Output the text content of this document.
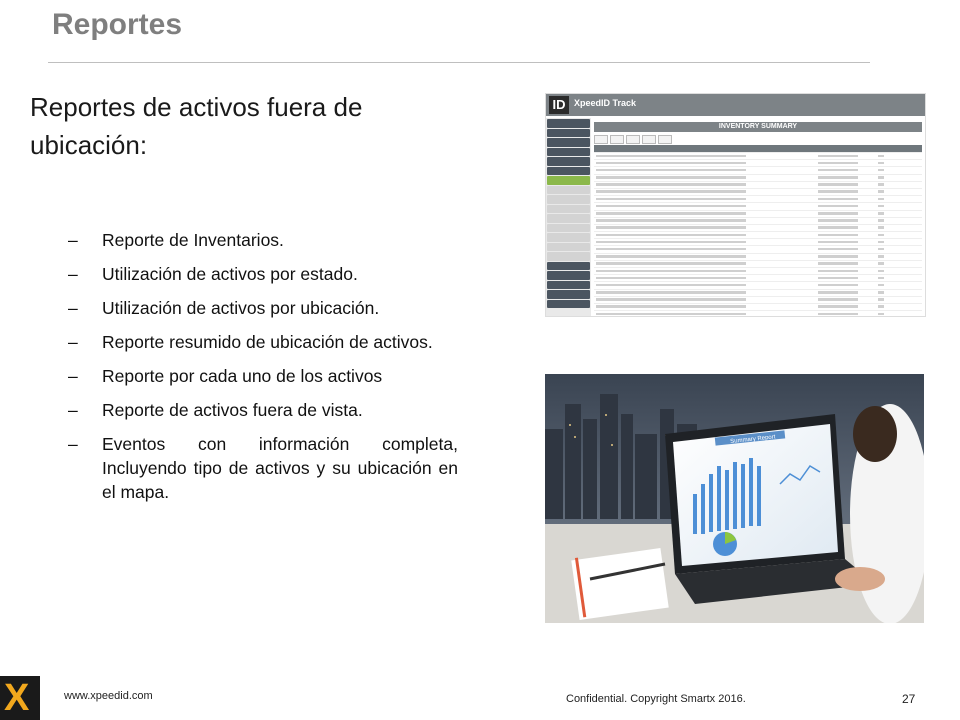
Reportes
Reportes de activos fuera de ubicación:
– Reporte de Inventarios.
– Utilización de activos por estado.
– Utilización de activos por ubicación.
– Reporte resumido de ubicación de activos.
– Reporte por cada uno de los activos
– Reporte de activos fuera de vista.
– Eventos con información completa, Incluyendo tipo de activos y su ubicación en el mapa.
ID XpeedID Track
INVENTORY SUMMARY
Summary Report
X	www.xpeedid.com	Confidential. Copyright Smartx 2016.	27
